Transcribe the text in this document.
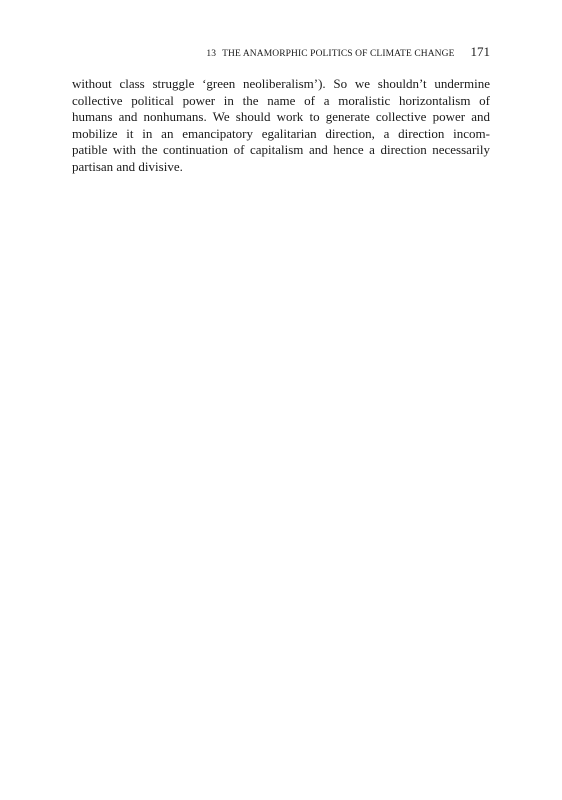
13 THE ANAMORPHIC POLITICS OF CLIMATE CHANGE 171

without class struggle ‘green neoliberalism’). So we shouldn’t undermine
collective political power in the name of a moralistic horizontalism of
humans and nonhumans. We should work to generate collective power and
mobilize it in an emancipatory egalitarian direction, a direction incom-
patible with the continuation of capitalism and hence a direction necessarily
partisan and divisive.
